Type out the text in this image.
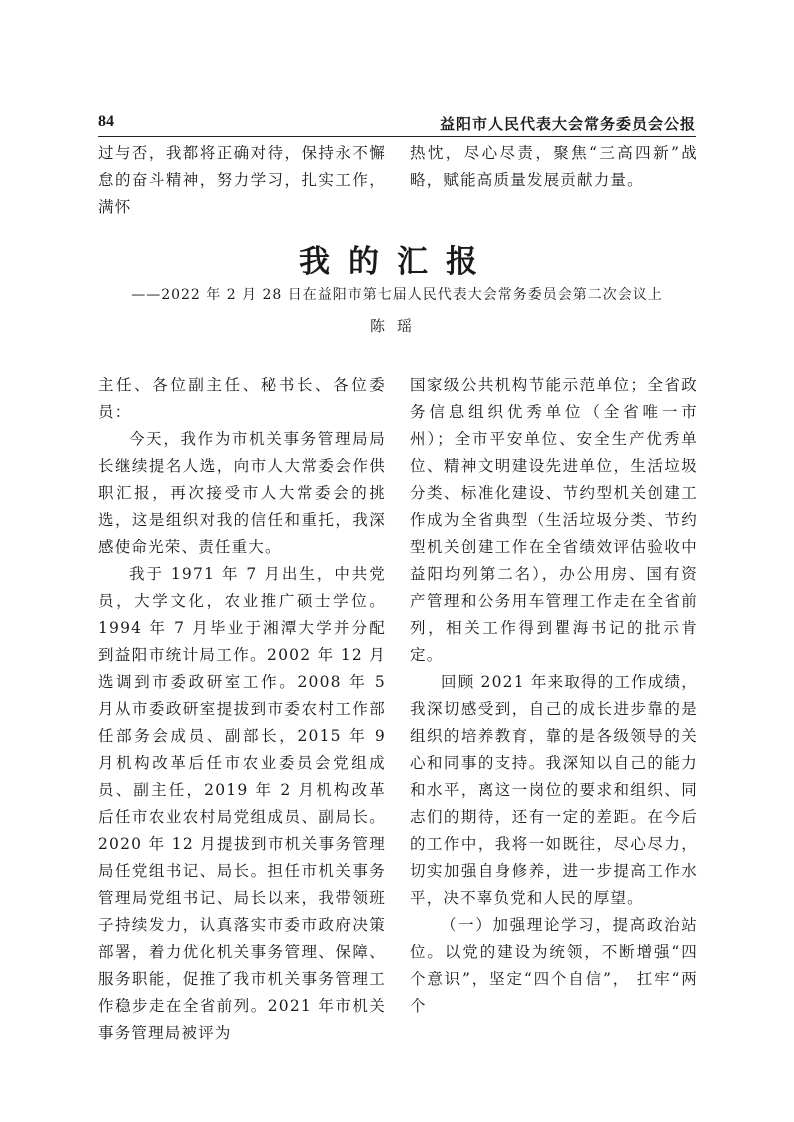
84	益阳市人民代表大会常务委员会公报

过与否，我都将正确对待，保持永不懈怠的奋斗精神，努力学习，扎实工作，满怀

热忱，尽心尽责，聚焦“三高四新”战略，赋能高质量发展贡献力量。

我的汇报
——2022 年 2 月 28 日在益阳市第七届人民代表大会常务委员会第二次会议上
陈瑶

主任、各位副主任、秘书长、各位委员：

今天，我作为市机关事务管理局局长继续提名人选，向市人大常委会作供职汇报，再次接受市人大常委会的挑选，这是组织对我的信任和重托，我深感使命光荣、责任重大。

我于 1971 年 7 月出生，中共党员，大学文化，农业推广硕士学位。1994 年 7 月毕业于湘潭大学并分配到益阳市统计局工作。2002 年 12 月选调到市委政研室工作。2008 年 5 月从市委政研室提拔到市委农村工作部任部务会成员、副部长，2015 年 9 月机构改革后任市农业委员会党组成员、副主任，2019 年 2 月机构改革后任市农业农村局党组成员、副局长。2020 年 12 月提拔到市机关事务管理局任党组书记、局长。担任市机关事务管理局党组书记、局长以来，我带领班子持续发力，认真落实市委市政府决策部署，着力优化机关事务管理、保障、服务职能，促推了我市机关事务管理工作稳步走在全省前列。2021 年市机关事务管理局被评为

国家级公共机构节能示范单位；全省政务信息组织优秀单位（全省唯一市州）；全市平安单位、安全生产优秀单位、精神文明建设先进单位，生活垃圾分类、标准化建设、节约型机关创建工作成为全省典型（生活垃圾分类、节约型机关创建工作在全省绩效评估验收中益阳均列第二名），办公用房、国有资产管理和公务用车管理工作走在全省前列，相关工作得到瞿海书记的批示肯定。

回顾 2021 年来取得的工作成绩，我深切感受到，自己的成长进步靠的是组织的培养教育，靠的是各级领导的关心和同事的支持。我深知以自己的能力和水平，离这一岗位的要求和组织、同志们的期待，还有一定的差距。在今后的工作中，我将一如既往，尽心尽力，切实加强自身修养，进一步提高工作水平，决不辜负党和人民的厚望。

（一）加强理论学习，提高政治站位。以党的建设为统领，不断增强“四个意识”，坚定“四个自信”， 扛牢“两个
